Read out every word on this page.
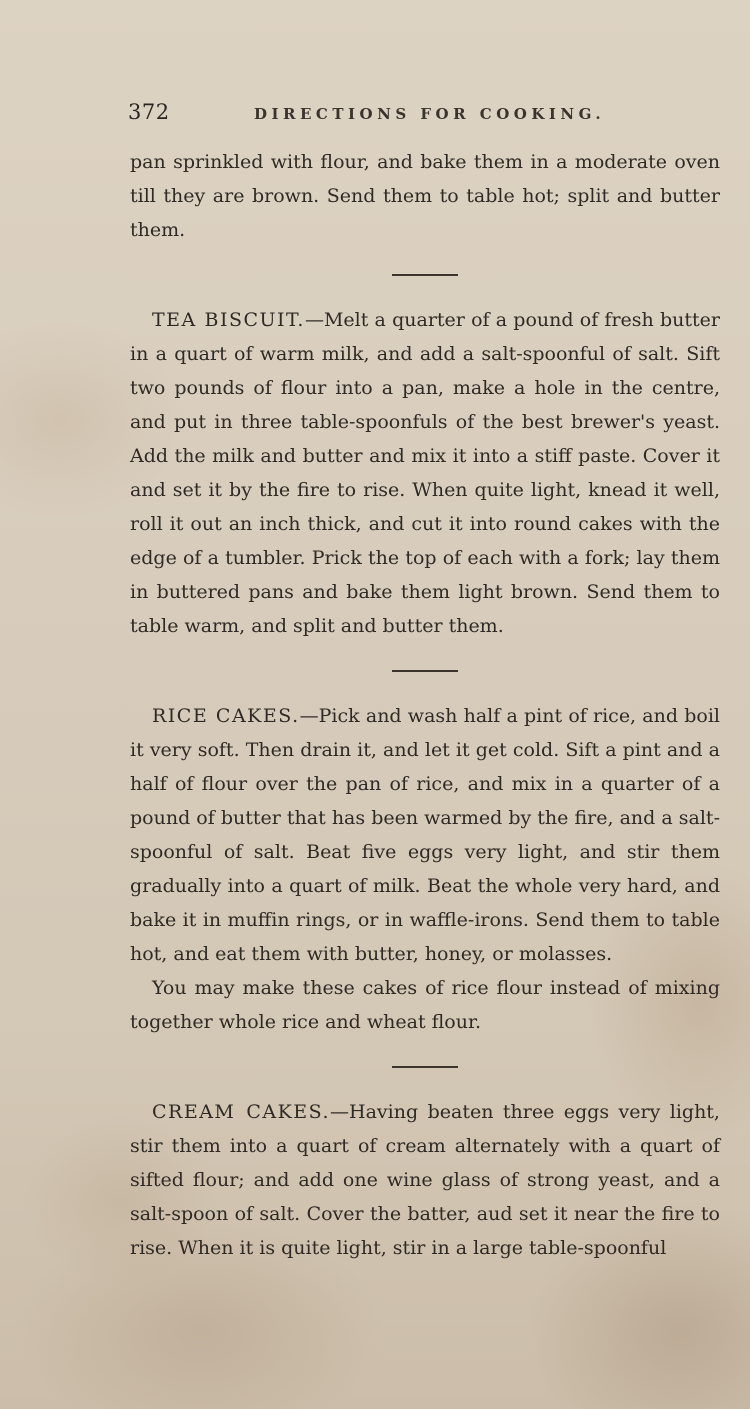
372	DIRECTIONS FOR COOKING.

pan sprinkled with flour, and bake them in a moderate oven till they are brown. Send them to table hot; split and butter them.

TEA BISCUIT.—Melt a quarter of a pound of fresh butter in a quart of warm milk, and add a salt-spoonful of salt. Sift two pounds of flour into a pan, make a hole in the centre, and put in three table-spoonfuls of the best brewer's yeast. Add the milk and butter and mix it into a stiff paste. Cover it and set it by the fire to rise. When quite light, knead it well, roll it out an inch thick, and cut it into round cakes with the edge of a tumbler. Prick the top of each with a fork; lay them in buttered pans and bake them light brown. Send them to table warm, and split and butter them.

RICE CAKES.—Pick and wash half a pint of rice, and boil it very soft. Then drain it, and let it get cold. Sift a pint and a half of flour over the pan of rice, and mix in a quarter of a pound of butter that has been warmed by the fire, and a salt-spoonful of salt. Beat five eggs very light, and stir them gradually into a quart of milk. Beat the whole very hard, and bake it in muffin rings, or in waffle-irons. Send them to table hot, and eat them with butter, honey, or molasses.

You may make these cakes of rice flour instead of mixing together whole rice and wheat flour.

CREAM CAKES.—Having beaten three eggs very light, stir them into a quart of cream alternately with a quart of sifted flour; and add one wine glass of strong yeast, and a salt-spoon of salt. Cover the batter, aud set it near the fire to rise. When it is quite light, stir in a large table-spoonful
